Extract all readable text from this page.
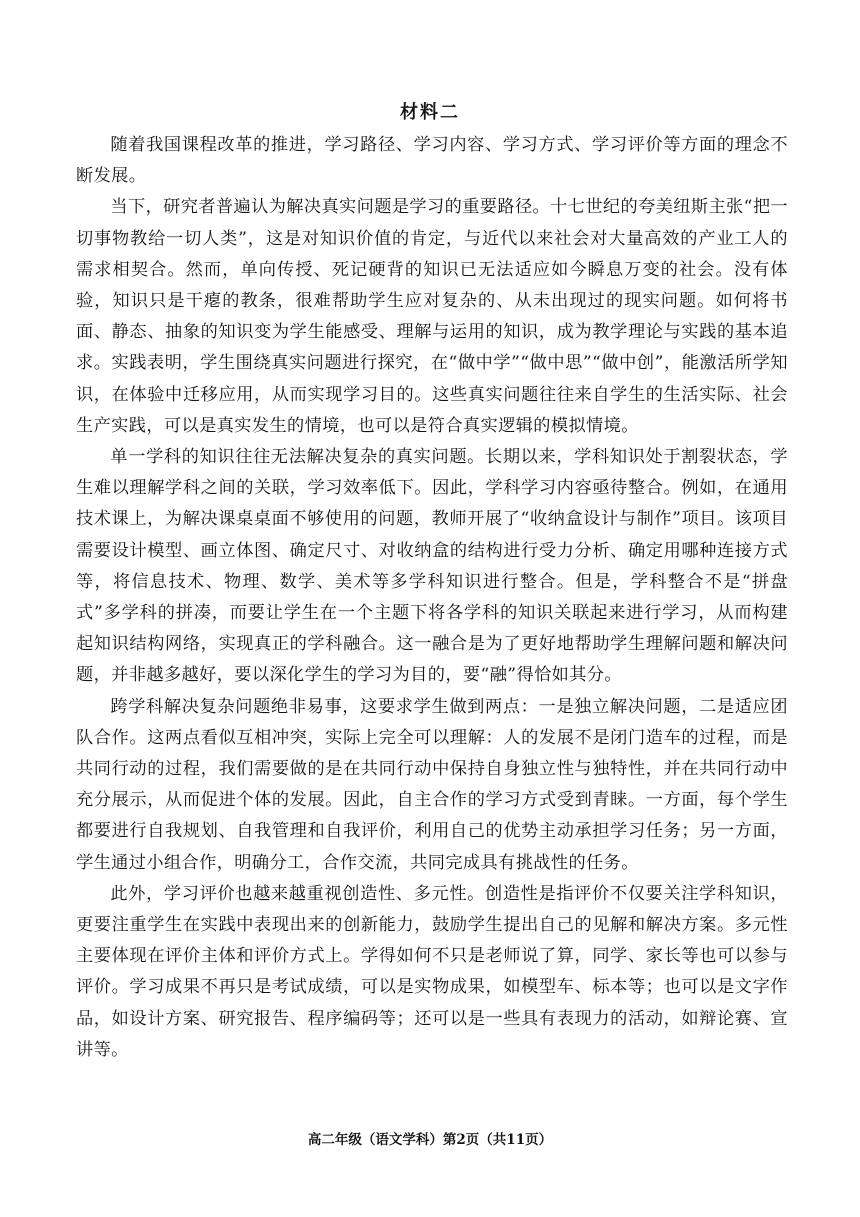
材料二

随着我国课程改革的推进，学习路径、学习内容、学习方式、学习评价等方面的理念不断发展。

当下，研究者普遍认为解决真实问题是学习的重要路径。十七世纪的夸美纽斯主张“把一切事物教给一切人类”，这是对知识价值的肯定，与近代以来社会对大量高效的产业工人的需求相契合。然而，单向传授、死记硬背的知识已无法适应如今瞬息万变的社会。没有体验，知识只是干瘪的教条，很难帮助学生应对复杂的、从未出现过的现实问题。如何将书面、静态、抽象的知识变为学生能感受、理解与运用的知识，成为教学理论与实践的基本追求。实践表明，学生围绕真实问题进行探究，在“做中学”“做中思”“做中创”，能激活所学知识，在体验中迁移应用，从而实现学习目的。这些真实问题往往来自学生的生活实际、社会生产实践，可以是真实发生的情境，也可以是符合真实逻辑的模拟情境。

单一学科的知识往往无法解决复杂的真实问题。长期以来，学科知识处于割裂状态，学生难以理解学科之间的关联，学习效率低下。因此，学科学习内容亟待整合。例如，在通用技术课上，为解决课桌桌面不够使用的问题，教师开展了“收纳盒设计与制作”项目。该项目需要设计模型、画立体图、确定尺寸、对收纳盒的结构进行受力分析、确定用哪种连接方式等，将信息技术、物理、数学、美术等多学科知识进行整合。但是，学科整合不是“拼盘式”多学科的拼凑，而要让学生在一个主题下将各学科的知识关联起来进行学习，从而构建起知识结构网络，实现真正的学科融合。这一融合是为了更好地帮助学生理解问题和解决问题，并非越多越好，要以深化学生的学习为目的，要“融”得恰如其分。

跨学科解决复杂问题绝非易事，这要求学生做到两点：一是独立解决问题，二是适应团队合作。这两点看似互相冲突，实际上完全可以理解：人的发展不是闭门造车的过程，而是共同行动的过程，我们需要做的是在共同行动中保持自身独立性与独特性，并在共同行动中充分展示，从而促进个体的发展。因此，自主合作的学习方式受到青睐。一方面，每个学生都要进行自我规划、自我管理和自我评价，利用自己的优势主动承担学习任务；另一方面，学生通过小组合作，明确分工，合作交流，共同完成具有挑战性的任务。

此外，学习评价也越来越重视创造性、多元性。创造性是指评价不仅要关注学科知识，更要注重学生在实践中表现出来的创新能力，鼓励学生提出自己的见解和解决方案。多元性主要体现在评价主体和评价方式上。学得如何不只是老师说了算，同学、家长等也可以参与评价。学习成果不再只是考试成绩，可以是实物成果，如模型车、标本等；也可以是文字作品，如设计方案、研究报告、程序编码等；还可以是一些具有表现力的活动，如辩论赛、宣讲等。

高二年级（语文学科）第2页（共11页）
